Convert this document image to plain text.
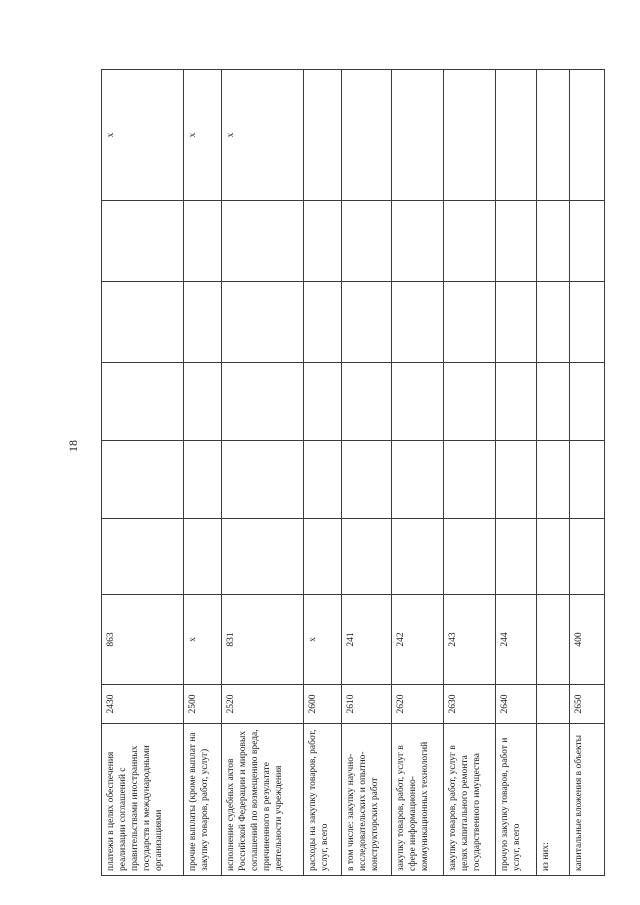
18
платежи в целях обеспечения реализации соглашений с правительствами иностранных государств и международными организациями	2430	863						x
прочие выплаты (кроме выплат на закупку товаров, работ, услуг)	2500	x						x
исполнение судебных актов Российской Федерации и мировых соглашений по возмещению вреда, причиненного в результате деятельности учреждения	2520	831						x
расходы на закупку товаров, работ, услуг, всего	2600	x						
в том числе: закупку научно-исследовательских и опытно-конструкторских работ	2610	241						
закупку товаров, работ, услуг в сфере информационно-коммуникационных технологий	2620	242						
закупку товаров, работ, услуг в целях капитального ремонта государственного имущества	2630	243						
прочую закупку товаров, работ и услуг, всего	2640	244						
из них:								
капитальные вложения в объекты	2650	400						
